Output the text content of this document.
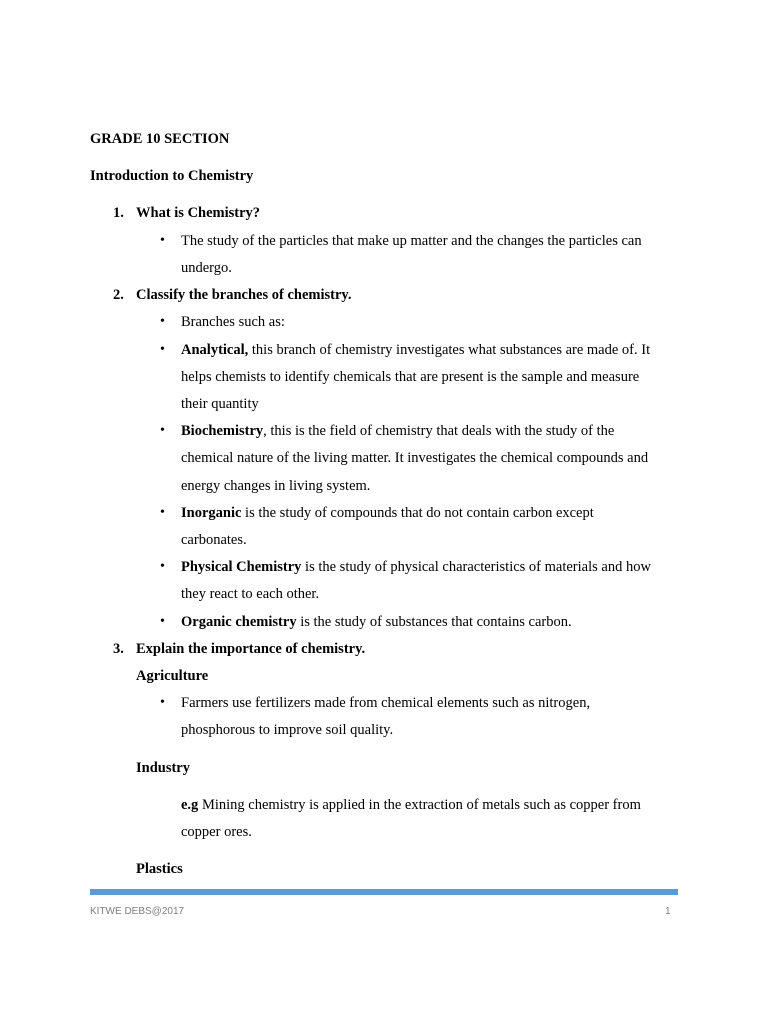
GRADE 10 SECTION
Introduction to Chemistry
1. What is Chemistry?
• The study of the particles that make up matter and the changes the particles can
undergo.
2. Classify the branches of chemistry.
• Branches such as:
• Analytical, this branch of chemistry investigates what substances are made of. It
helps chemists to identify chemicals that are present is the sample and measure
their quantity
• Biochemistry, this is the field of chemistry that deals with the study of the
chemical nature of the living matter. It investigates the chemical compounds and
energy changes in living system.
• Inorganic is the study of compounds that do not contain carbon except
carbonates.
• Physical Chemistry is the study of physical characteristics of materials and how
they react to each other.
• Organic chemistry is the study of substances that contains carbon.
3. Explain the importance of chemistry.
Agriculture
• Farmers use fertilizers made from chemical elements such as nitrogen,
phosphorous to improve soil quality.
Industry
e.g Mining chemistry is applied in the extraction of metals such as copper from
copper ores.
Plastics
KITWE DEBS@2017	1
